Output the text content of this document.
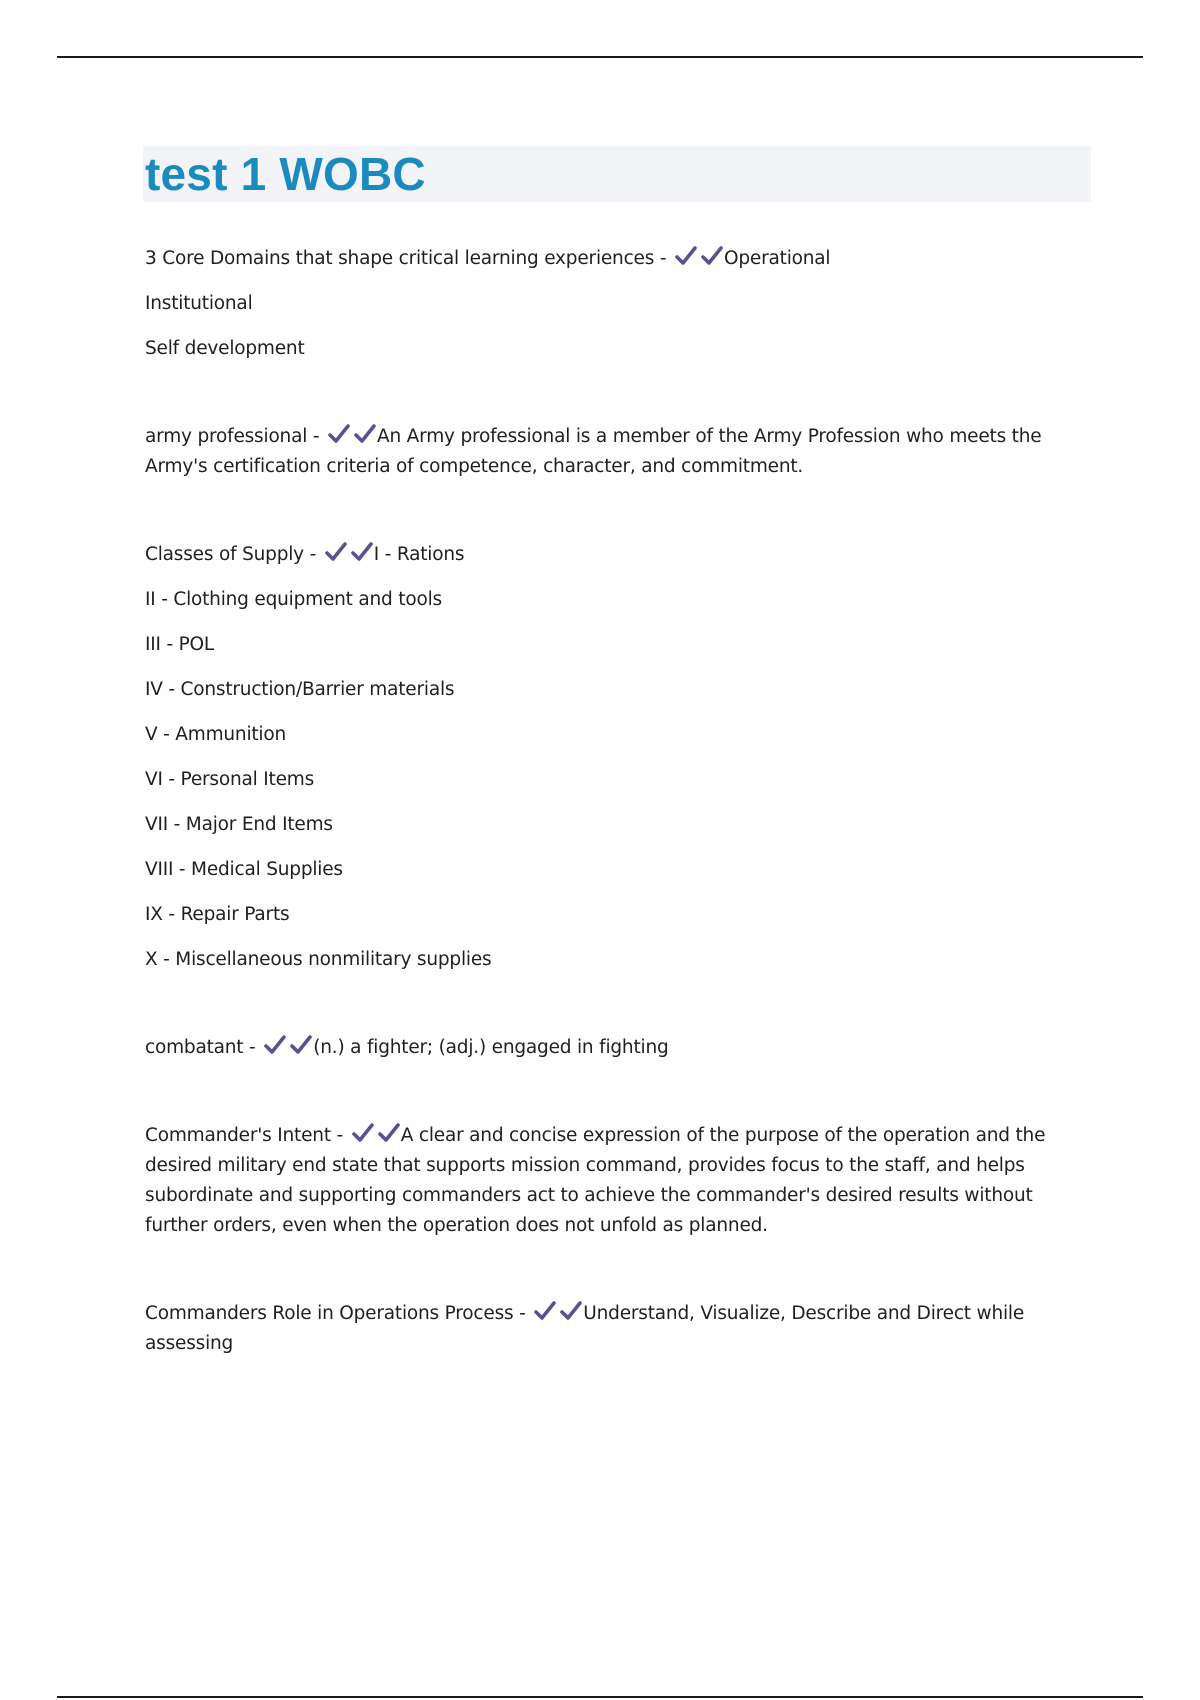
test 1 WOBC

3 Core Domains that shape critical learning experiences -	Operational

Institutional

Self development

army professional -	An Army professional is a member of the Army Profession who meets the Army's certification criteria of competence, character, and commitment.

Classes of Supply -	I - Rations

II - Clothing equipment and tools

III - POL

IV - Construction/Barrier materials

V - Ammunition

VI - Personal Items

VII - Major End Items

VIII - Medical Supplies

IX - Repair Parts

X - Miscellaneous nonmilitary supplies

combatant -	(n.) a fighter; (adj.) engaged in fighting

Commander's Intent -	A clear and concise expression of the purpose of the operation and the desired military end state that supports mission command, provides focus to the staff, and helps subordinate and supporting commanders act to achieve the commander's desired results without further orders, even when the operation does not unfold as planned.

Commanders Role in Operations Process -	Understand, Visualize, Describe and Direct while assessing
